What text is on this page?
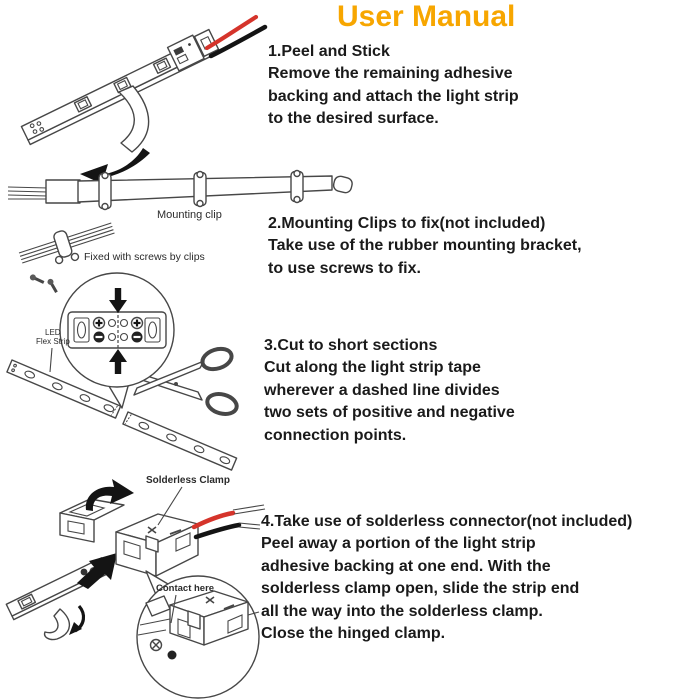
User Manual
1.Peel and Stick
Remove the remaining adhesive
backing and attach the light strip
to the desired surface.
2.Mounting Clips to fix(not included)
Take use of the rubber mounting bracket,
to use screws to fix.
3.Cut to short sections
Cut along the light strip tape
wherever a dashed line divides
two sets of positive and negative
connection points.
4.Take use of solderless connector(not included)
Peel away a portion of the light strip
adhesive backing at one end. With the
solderless clamp open, slide the strip end
all the way into the solderless clamp.
Close the hinged clamp.
Mounting clip
Fixed with screws by clips
LED
Flex Strip
Solderless Clamp
Contact here
